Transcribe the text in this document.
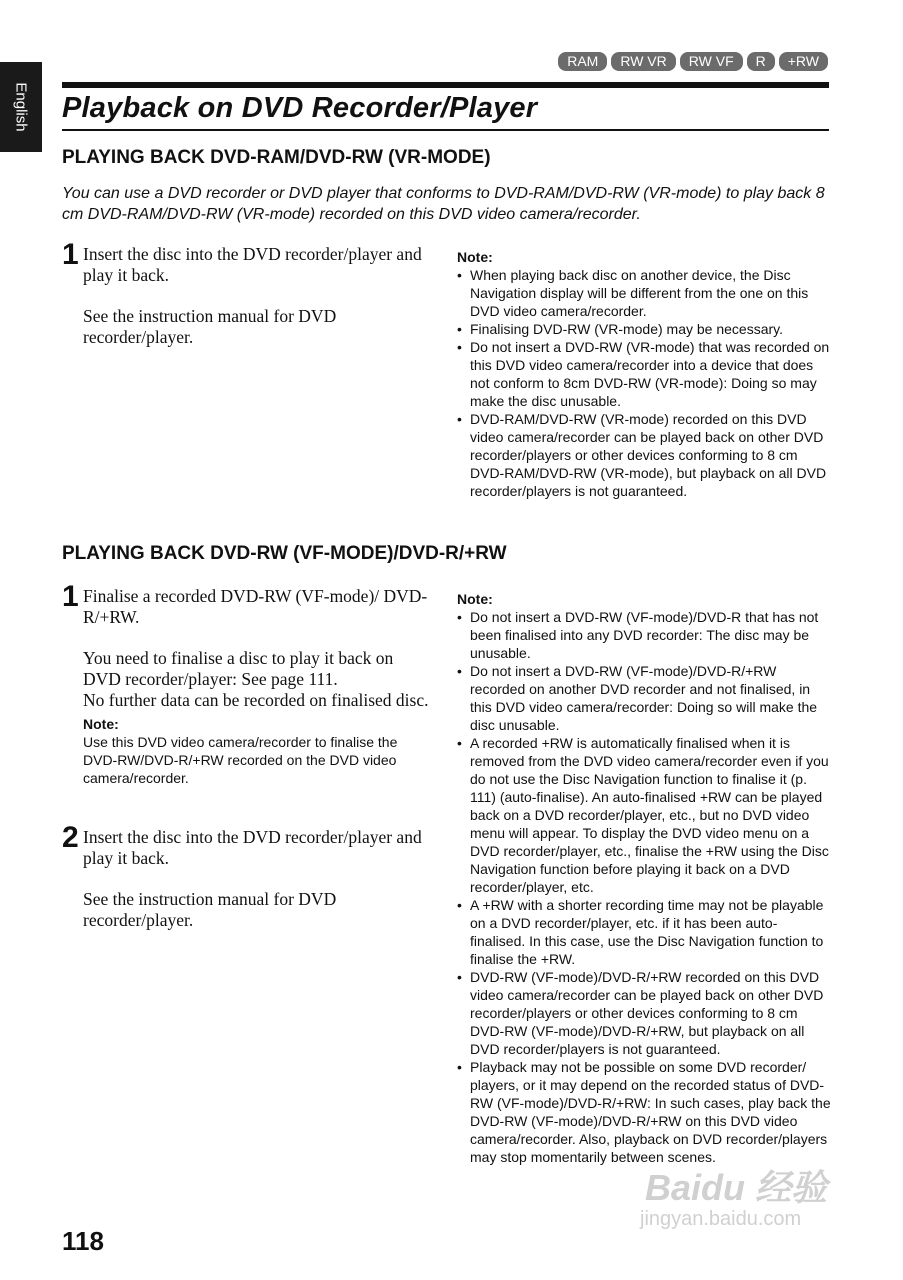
English
RAM	RW VR	RW VF	R	+RW
Playback on DVD Recorder/Player
PLAYING BACK DVD-RAM/DVD-RW (VR-MODE)

You can use a DVD recorder or DVD player that conforms to DVD-RAM/DVD-RW (VR-mode) to play back 8 cm DVD-RAM/DVD-RW (VR-mode) recorded on this DVD video camera/recorder.

1 Insert the disc into the DVD recorder/player and play it back.

See the instruction manual for DVD recorder/player.

Note:
• When playing back disc on another device, the Disc Navigation display will be different from the one on this DVD video camera/recorder.
• Finalising DVD-RW (VR-mode) may be necessary.
• Do not insert a DVD-RW (VR-mode) that was recorded on this DVD video camera/recorder into a device that does not conform to 8cm DVD-RW (VR-mode): Doing so may make the disc unusable.
• DVD-RAM/DVD-RW (VR-mode) recorded on this DVD video camera/recorder can be played back on other DVD recorder/players or other devices conforming to 8 cm DVD-RAM/DVD-RW (VR-mode), but playback on all DVD recorder/players is not guaranteed.
PLAYING BACK DVD-RW (VF-MODE)/DVD-R/+RW
1 Finalise a recorded DVD-RW (VF-mode)/ DVD-R/+RW.

You need to finalise a disc to play it back on DVD recorder/player: See page 111.
No further data can be recorded on finalised disc.

Note:
Use this DVD video camera/recorder to finalise the DVD-RW/DVD-R/+RW recorded on the DVD video camera/recorder.
2 Insert the disc into the DVD recorder/player and play it back.

See the instruction manual for DVD recorder/player.

Note:
• Do not insert a DVD-RW (VF-mode)/DVD-R that has not been finalised into any DVD recorder: The disc may be unusable.
• Do not insert a DVD-RW (VF-mode)/DVD-R/+RW recorded on another DVD recorder and not finalised, in this DVD video camera/recorder: Doing so will make the disc unusable.
• A recorded +RW is automatically finalised when it is removed from the DVD video camera/recorder even if you do not use the Disc Navigation function to finalise it (p. 111) (auto-finalise). An auto-finalised +RW can be played back on a DVD recorder/player, etc., but no DVD video menu will appear. To display the DVD video menu on a DVD recorder/player, etc., finalise the +RW using the Disc Navigation function before playing it back on a DVD recorder/player, etc.
• A +RW with a shorter recording time may not be playable on a DVD recorder/player, etc. if it has been auto-finalised. In this case, use the Disc Navigation function to finalise the +RW.
• DVD-RW (VF-mode)/DVD-R/+RW recorded on this DVD video camera/recorder can be played back on other DVD recorder/players or other devices conforming to 8 cm DVD-RW (VF-mode)/DVD-R/+RW, but playback on all DVD recorder/players is not guaranteed.
• Playback may not be possible on some DVD recorder/ players, or it may depend on the recorded status of DVD-RW (VF-mode)/DVD-R/+RW: In such cases, play back the DVD-RW (VF-mode)/DVD-R/+RW on this DVD video camera/recorder. Also, playback on DVD recorder/players may stop momentarily between scenes.
118
Baidu 经验
jingyan.baidu.com
